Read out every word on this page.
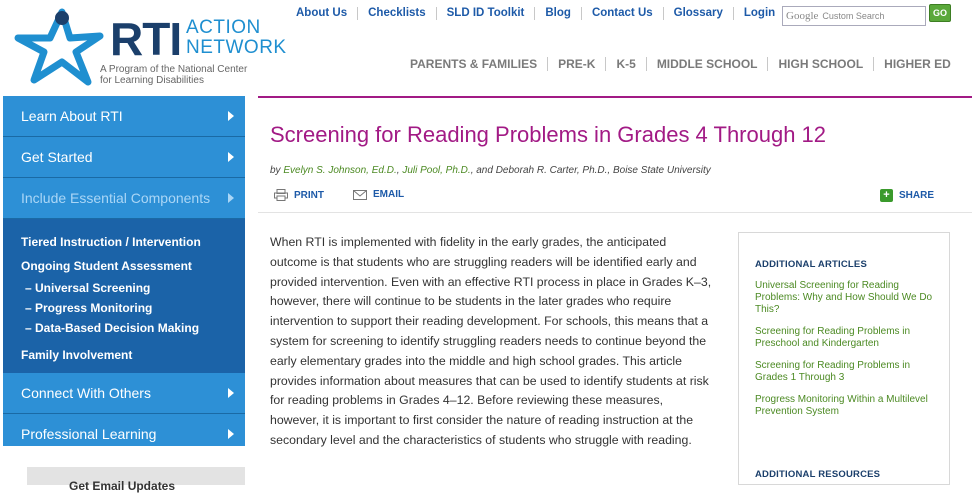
RTI ACTION
NETWORK
A Program of the National Center
for Learning Disabilities
About Us	Checklists	SLD ID Toolkit	Blog	Contact Us	Glossary	Login Google Custom Search	GO
PARENTS & FAMILIES	PRE-K	K-5	MIDDLE SCHOOL	HIGH SCHOOL	HIGHER ED
Learn About RTI
Get Started
Include Essential Components
Tiered Instruction / Intervention
Ongoing Student Assessment
– Universal Screening
– Progress Monitoring
– Data-Based Decision Making
Family Involvement
Connect With Others
Professional Learning
Get Email Updates
Screening for Reading Problems in Grades 4 Through 12
by Evelyn S. Johnson, Ed.D., Juli Pool, Ph.D., and Deborah R. Carter, Ph.D., Boise State University
PRINT	EMAIL	+ SHARE

When RTI is implemented with fidelity in the early grades, the anticipated outcome is that students who are struggling readers will be identified early and provided intervention. Even with an effective RTI process in place in Grades K–3, however, there will continue to be students in the later grades who require intervention to support their reading development. For schools, this means that a system for screening to identify struggling readers needs to continue beyond the early elementary grades into the middle and high school grades. This article provides information about measures that can be used to identify students at risk for reading problems in Grades 4–12. Before reviewing these measures, however, it is important to first consider the nature of reading instruction at the secondary level and the characteristics of students who struggle with reading.

ADDITIONAL ARTICLES
Universal Screening for Reading Problems: Why and How Should We Do This?
Screening for Reading Problems in Preschool and Kindergarten
Screening for Reading Problems in Grades 1 Through 3
Progress Monitoring Within a Multilevel Prevention System
ADDITIONAL RESOURCES
